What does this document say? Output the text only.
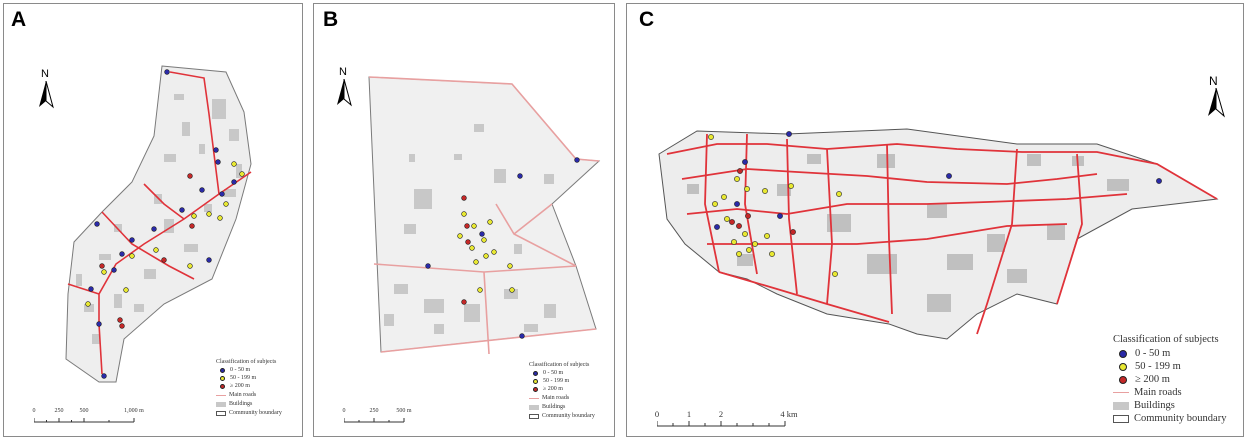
A
N
Classification of subjects
0 - 50 m
50 - 199 m
≥ 200 m
Main roads
Buildings
Community boundary
0	250	500	1,000 m
B
N
Classification of subjects
0 - 50 m
50 - 199 m
≥ 200 m
Main roads
Buildings
Community boundary
0	250	500 m
C
N
Classification of subjects
0 - 50 m
50 - 199 m
≥ 200 m
Main roads
Buildings
Community boundary
0	1	2	4 km
